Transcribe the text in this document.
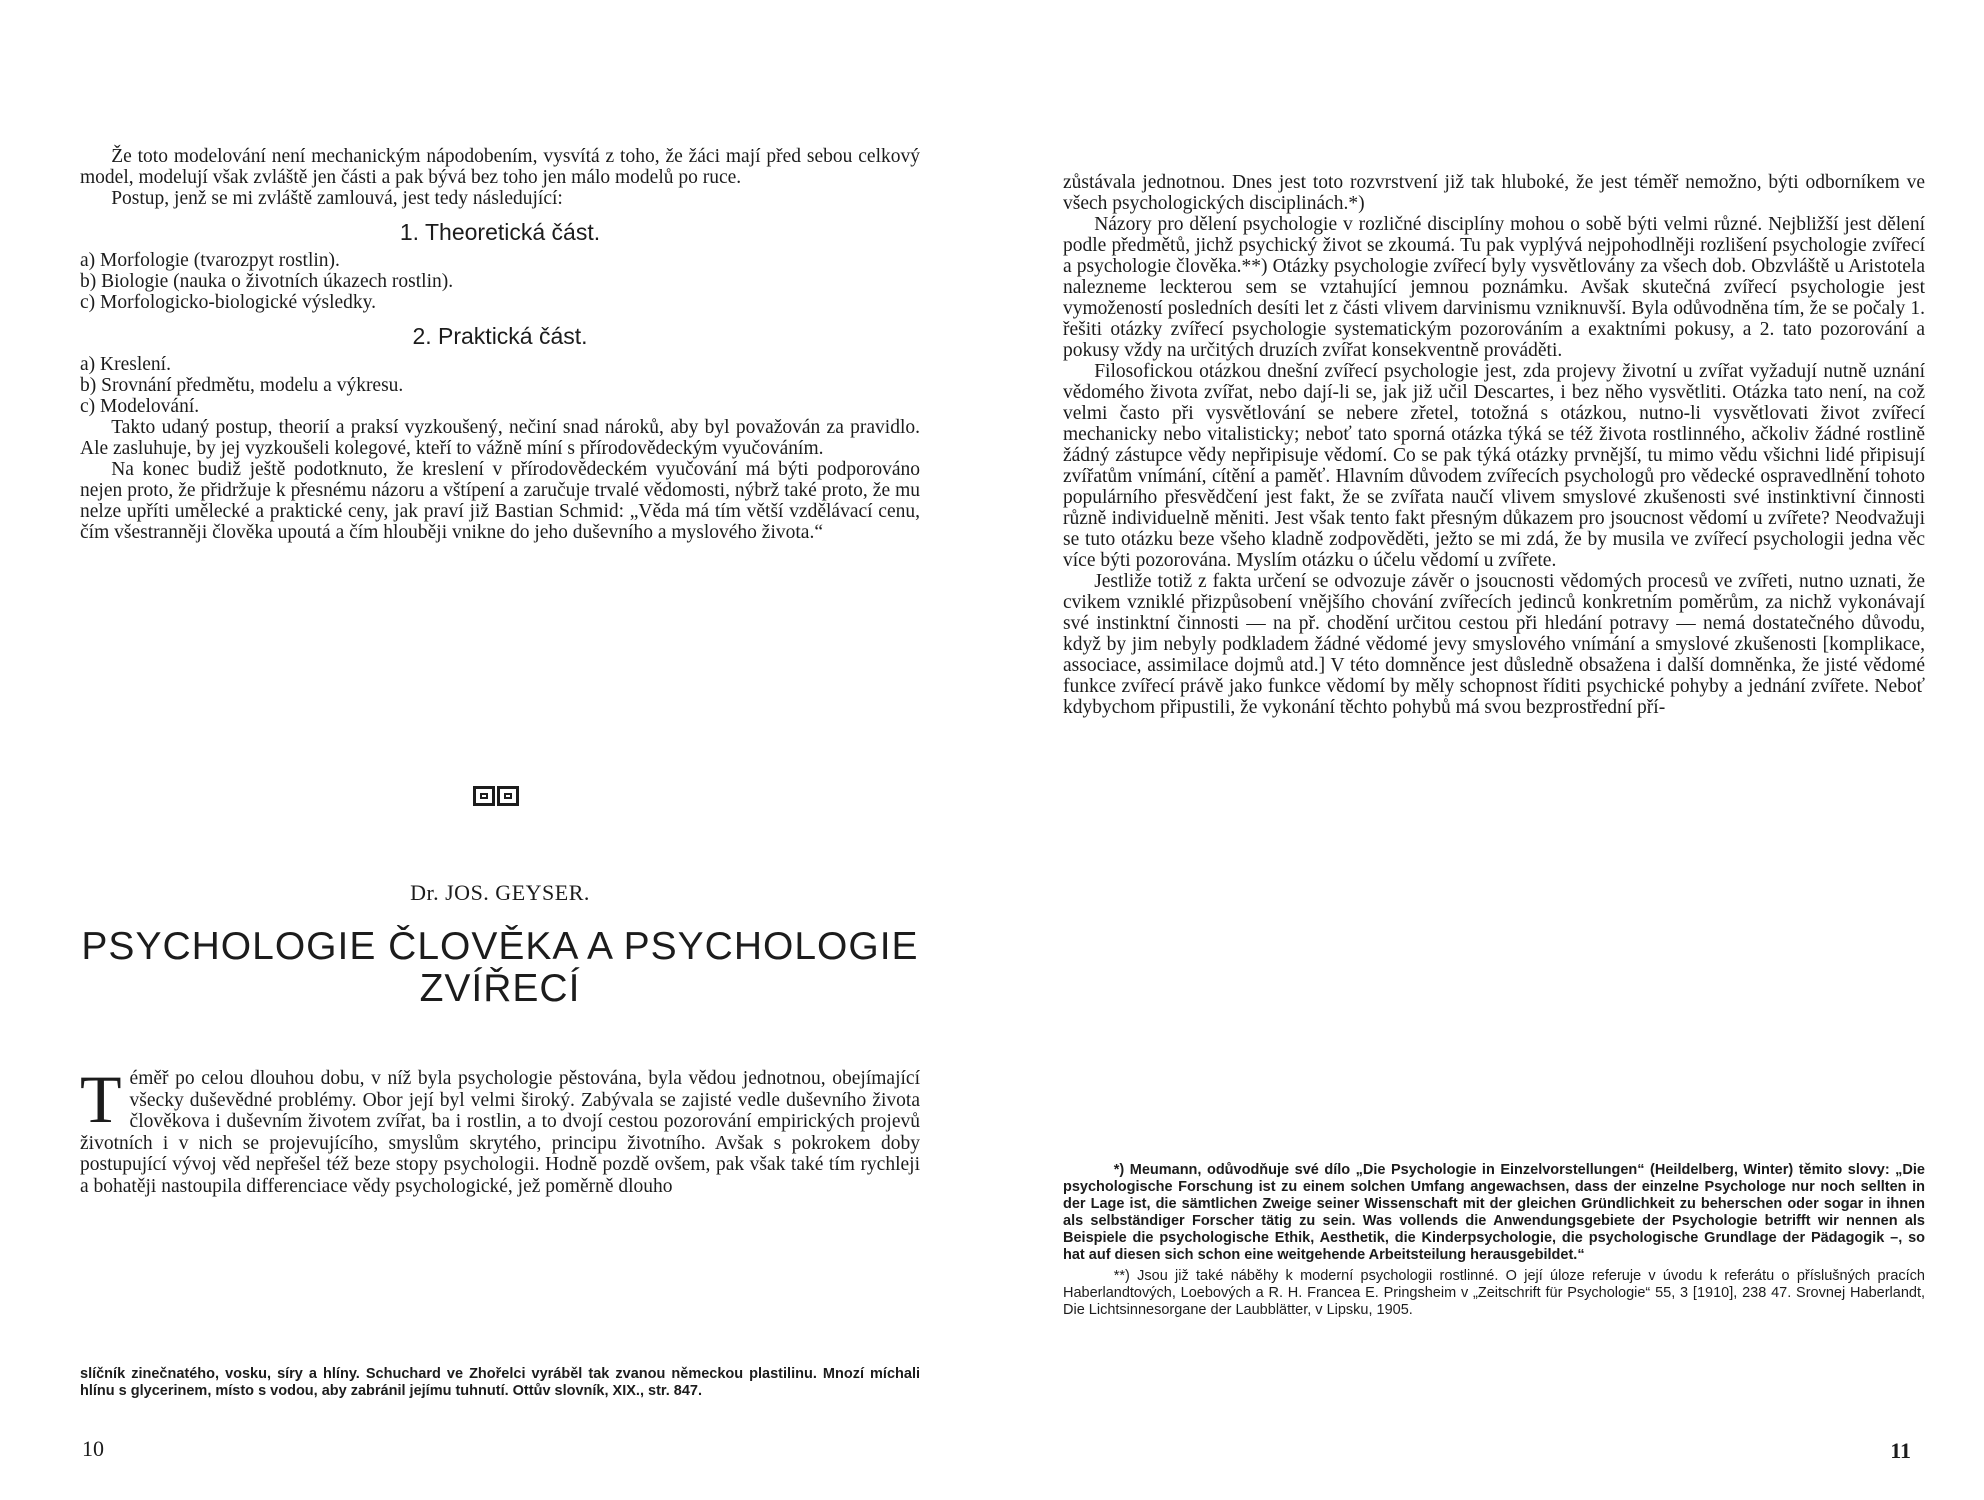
Že toto modelování není mechanickým nápodobením, vysvítá z toho, že žáci mají před sebou celkový model, modelují však zvláště jen části a pak bývá bez toho jen málo modelů po ruce.

Postup, jenž se mi zvláště zamlouvá, jest tedy následující:

1. Theoretická část.
a) Morfologie (tvarozpyt rostlin).
b) Biologie (nauka o životních úkazech rostlin).
c) Morfologicko-biologické výsledky.
2. Praktická část.
a) Kreslení.
b) Srovnání předmětu, modelu a výkresu.
c) Modelování.

Takto udaný postup, theorií a praksí vyzkoušený, nečiní snad nároků, aby byl považován za pravidlo. Ale zasluhuje, by jej vyzkoušeli kolegové, kteří to vážně míní s přírodovědeckým vyučováním.

Na konec budiž ještě podotknuto, že kreslení v přírodovědeckém vyučování má býti podporováno nejen proto, že přidržuje k přesnému názoru a vštípení a zaručuje trvalé vědomosti, nýbrž také proto, že mu nelze upříti umělecké a praktické ceny, jak praví již Bastian Schmid: „Věda má tím větší vzdělávací cenu, čím všestranněji člověka upoutá a čím hlouběji vnikne do jeho duševního a myslového života.“

Dr. JOS. GEYSER.
PSYCHOLOGIE ČLOVĚKA A PSYCHOLOGIE
ZVÍŘECÍ
Téměř po celou dlouhou dobu, v níž byla psychologie pěstována, byla vědou jednotnou, obejímající všecky duševědné problémy. Obor její byl velmi široký. Zabývala se zajisté vedle duševního života člověkova i duševním životem zvířat, ba i rostlin, a to dvojí cestou pozorování empirických projevů životních i v nich se projevujícího, smyslům skrytého, principu životního. Avšak s pokrokem doby postupující vývoj věd nepřešel též beze stopy psychologii. Hodně pozdě ovšem, pak však také tím rychleji a bohatěji nastoupila differenciace vědy psychologické, jež poměrně dlouho
slíčník zinečnatého, vosku, síry a hlíny. Schuchard ve Zhořelci vyráběl tak zvanou německou plastilinu. Mnozí míchali hlínu s glycerinem, místo s vodou, aby zabránil jejímu tuhnutí. Ottův slovník, XIX., str. 847.
10

zůstávala jednotnou. Dnes jest toto rozvrstvení již tak hluboké, že jest téměř nemožno, býti odborníkem ve všech psychologických disciplinách.*)

Názory pro dělení psychologie v rozličné disciplíny mohou o sobě býti velmi různé. Nejbližší jest dělení podle předmětů, jichž psychický život se zkoumá. Tu pak vyplývá nejpohodlněji rozlišení psychologie zvířecí a psychologie člověka.**) Otázky psychologie zvířecí byly vysvětlovány za všech dob. Obzvláště u Aristotela nalezneme leckterou sem se vztahující jemnou poznámku. Avšak skutečná zvířecí psychologie jest vymožeností posledních desíti let z části vlivem darvinismu vzniknuvší. Byla odůvodněna tím, že se počaly 1. řešiti otázky zvířecí psychologie systematickým pozorováním a exaktními pokusy, a 2. tato pozorování a pokusy vždy na určitých druzích zvířat konsekventně prováděti.

Filosofickou otázkou dnešní zvířecí psychologie jest, zda projevy životní u zvířat vyžadují nutně uznání vědomého života zvířat, nebo dají-li se, jak již učil Descartes, i bez něho vysvětliti. Otázka tato není, na což velmi často při vysvětlování se nebere zřetel, totožná s otázkou, nutno-li vysvětlovati život zvířecí mechanicky nebo vitalisticky; neboť tato sporná otázka týká se též života rostlinného, ačkoliv žádné rostlině žádný zástupce vědy nepřipisuje vědomí. Co se pak týká otázky prvnější, tu mimo vědu všichni lidé připisují zvířatům vnímání, cítění a paměť. Hlavním důvodem zvířecích psychologů pro vědecké ospravedlnění tohoto populárního přesvědčení jest fakt, že se zvířata naučí vlivem smyslové zkušenosti své instinktivní činnosti různě individuelně měniti. Jest však tento fakt přesným důkazem pro jsoucnost vědomí u zvířete? Neodvažuji se tuto otázku beze všeho kladně zodpověděti, ježto se mi zdá, že by musila ve zvířecí psychologii jedna věc více býti pozorována. Myslím otázku o účelu vědomí u zvířete.

Jestliže totiž z fakta určení se odvozuje závěr o jsoucnosti vědomých procesů ve zvířeti, nutno uznati, že cvikem vzniklé přizpůsobení vnějšího chování zvířecích jedinců konkretním poměrům, za nichž vykonávají své instinktní činnosti — na př. chodění určitou cestou při hledání potravy — nemá dostatečného důvodu, když by jim nebyly podkladem žádné vědomé jevy smyslového vnímání a smyslové zkušenosti [komplikace, associace, assimilace dojmů atd.] V této domněnce jest důsledně obsažena i další domněnka, že jisté vědomé funkce zvířecí právě jako funkce vědomí by měly schopnost říditi psychické pohyby a jednání zvířete. Neboť kdybychom připustili, že vykonání těchto pohybů má svou bezprostřední pří-

*) Meumann, odůvodňuje své dílo „Die Psychologie in Einzelvorstellungen“ (Heildelberg, Winter) těmito slovy: „Die psychologische Forschung ist zu einem solchen Umfang angewachsen, dass der einzelne Psychologe nur noch sellten in der Lage ist, die sämtlichen Zweige seiner Wissenschaft mit der gleichen Gründlichkeit zu beherschen oder sogar in ihnen als selbständiger Forscher tätig zu sein. Was vollends die Anwendungsgebiete der Psychologie betrifft wir nennen als Beispiele die psychologische Ethik, Aesthetik, die Kinderpsychologie, die psychologische Grundlage der Pädagogik –, so hat auf diesen sich schon eine weitgehende Arbeitsteilung herausgebildet.“

**) Jsou již také náběhy k moderní psychologii rostlinné. O její úloze referuje v úvodu k referátu o příslušných pracích Haberlandtových, Loebových a R. H. Francea E. Pringsheim v „Zeitschrift für Psychologie“ 55, 3 [1910], 238 47. Srovnej Haberlandt, Die Lichtsinnesorgane der Laubblätter, v Lipsku, 1905.

11
